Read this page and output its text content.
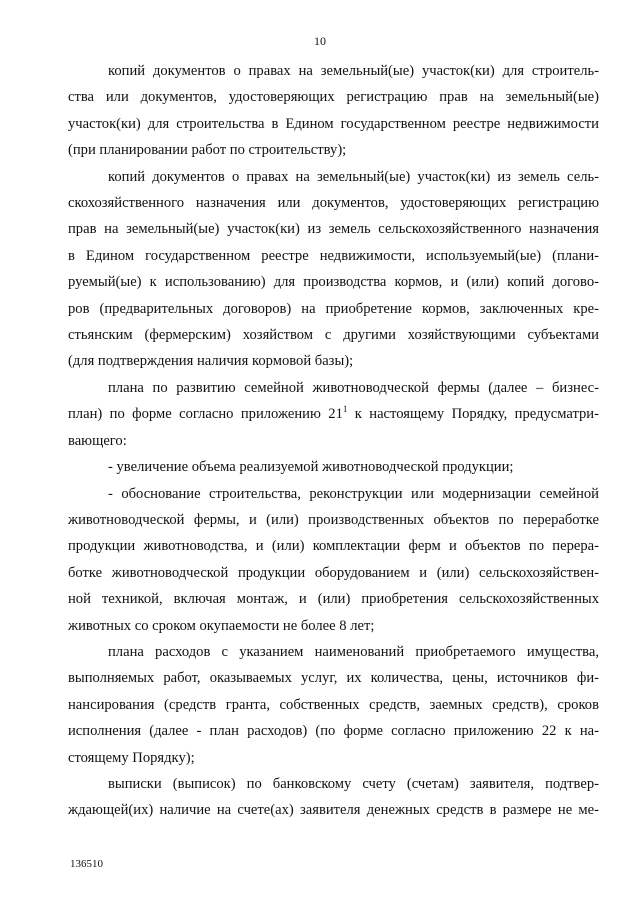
10
копий документов о правах на земельный(ые) участок(ки) для строитель-
ства или документов, удостоверяющих регистрацию прав на земельный(ые)
участок(ки) для строительства в Едином государственном реестре недвижимости
(при планировании работ по строительству);
копий документов о правах на земельный(ые) участок(ки) из земель сель-
скохозяйственного назначения или документов, удостоверяющих регистрацию
прав на земельный(ые) участок(ки) из земель сельскохозяйственного назначения
в Едином государственном реестре недвижимости, используемый(ые) (плани-
руемый(ые) к использованию) для производства кормов, и (или) копий догово-
ров (предварительных договоров) на приобретение кормов, заключенных кре-
стьянским (фермерским) хозяйством с другими хозяйствующими субъектами
(для подтверждения наличия кормовой базы);
плана по развитию семейной животноводческой фермы (далее – бизнес-
план) по форме согласно приложению $21^1$ к настоящему Порядку, предусматри-
вающего:
- увеличение объема реализуемой животноводческой продукции;
- обоснование строительства, реконструкции или модернизации семейной
животноводческой фермы, и (или) производственных объектов по переработке
продукции животноводства, и (или) комплектации ферм и объектов по перера-
ботке животноводческой продукции оборудованием и (или) сельскохозяйствен-
ной техникой, включая монтаж, и (или) приобретения сельскохозяйственных
животных со сроком окупаемости не более 8 лет;
плана расходов с указанием наименований приобретаемого имущества,
выполняемых работ, оказываемых услуг, их количества, цены, источников фи-
нансирования (средств гранта, собственных средств, заемных средств), сроков
исполнения (далее - план расходов) (по форме согласно приложению 22 к на-
стоящему Порядку);
выписки (выписок) по банковскому счету (счетам) заявителя, подтвер-
ждающей(их) наличие на счете(ах) заявителя денежных средств в размере не ме-
136510
